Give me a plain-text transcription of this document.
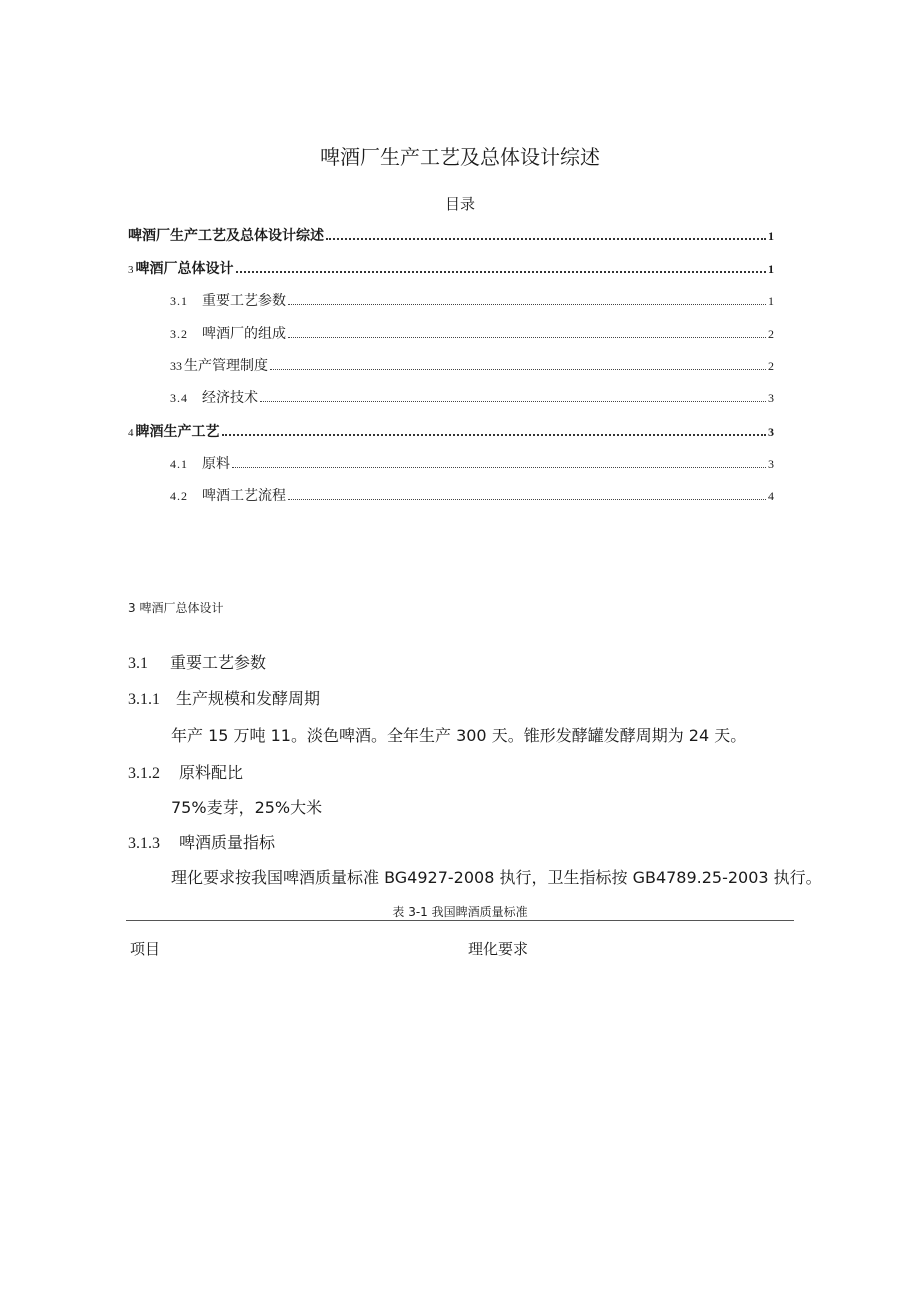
啤酒厂生产工艺及总体设计综述
目录
啤酒厂生产工艺及总体设计综述	1
3 啤酒厂总体设计	1
3.1 重要工艺参数	1
3.2 啤酒厂的组成	2
33 生产管理制度	2
3.4 经济技术	3
4 睥酒生产工艺	3
4.1 原料	3
4.2 啤酒工艺流程	4
3 啤酒厂总体设计
3.1 重要工艺参数
3.1.1 生产规模和发酵周期
年产 15 万吨 11。淡色啤酒。全年生产 300 天。锥形发酵罐发酵周期为 24 天。
3.1.2 原料配比
75%麦芽，25%大米
3.1.3 啤酒质量指标
理化要求按我国啤酒质量标准 BG4927-2008 执行，卫生指标按 GB4789.25-2003 执行。
表 3-1 我国睥酒质量标准
项目	理化要求
